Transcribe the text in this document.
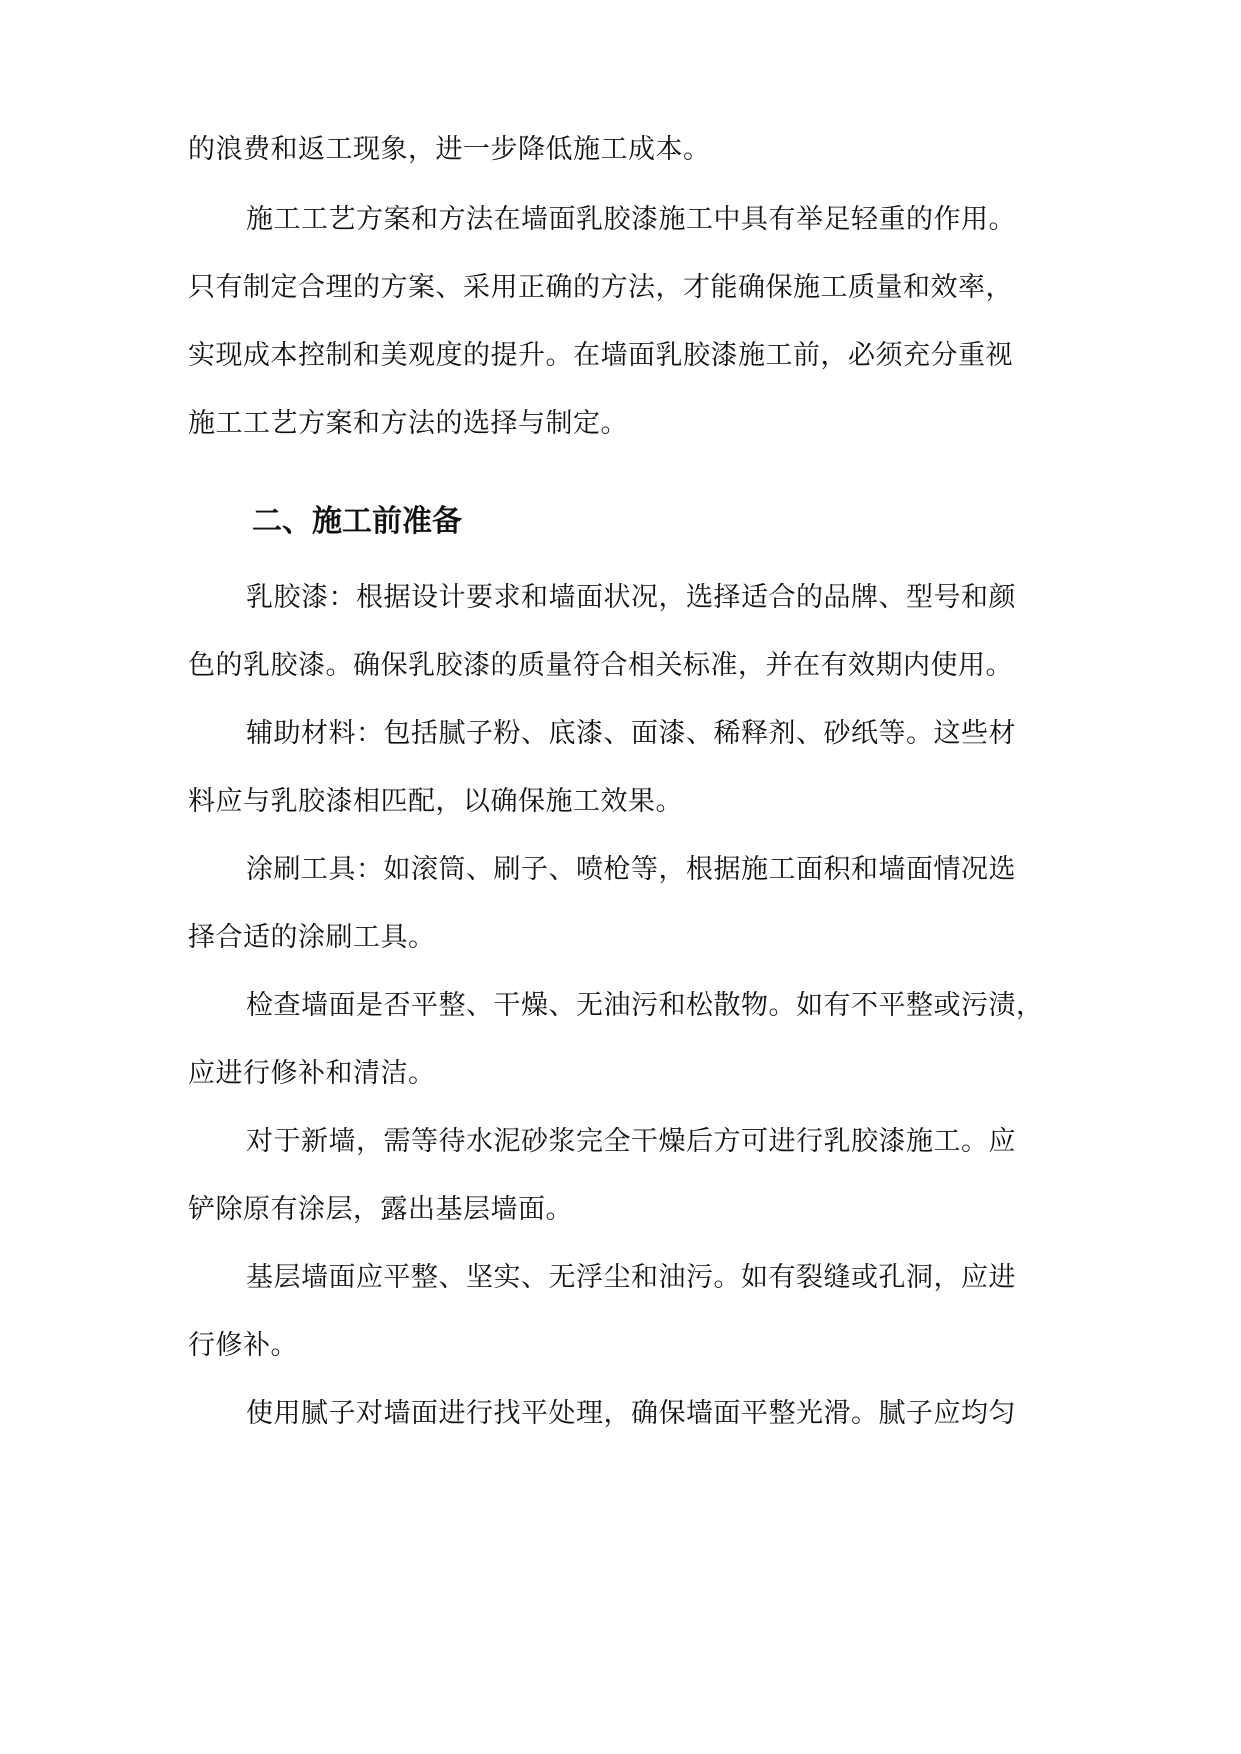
的浪费和返工现象，进一步降低施工成本。

施工工艺方案和方法在墙面乳胶漆施工中具有举足轻重的作用。

只有制定合理的方案、采用正确的方法，才能确保施工质量和效率，

实现成本控制和美观度的提升。在墙面乳胶漆施工前，必须充分重视

施工工艺方案和方法的选择与制定。

二、施工前准备

乳胶漆：根据设计要求和墙面状况，选择适合的品牌、型号和颜

色的乳胶漆。确保乳胶漆的质量符合相关标准，并在有效期内使用。

辅助材料：包括腻子粉、底漆、面漆、稀释剂、砂纸等。这些材

料应与乳胶漆相匹配，以确保施工效果。

涂刷工具：如滚筒、刷子、喷枪等，根据施工面积和墙面情况选

择合适的涂刷工具。

检查墙面是否平整、干燥、无油污和松散物。如有不平整或污渍，

应进行修补和清洁。

对于新墙，需等待水泥砂浆完全干燥后方可进行乳胶漆施工。应

铲除原有涂层，露出基层墙面。

基层墙面应平整、坚实、无浮尘和油污。如有裂缝或孔洞，应进

行修补。

使用腻子对墙面进行找平处理，确保墙面平整光滑。腻子应均匀
